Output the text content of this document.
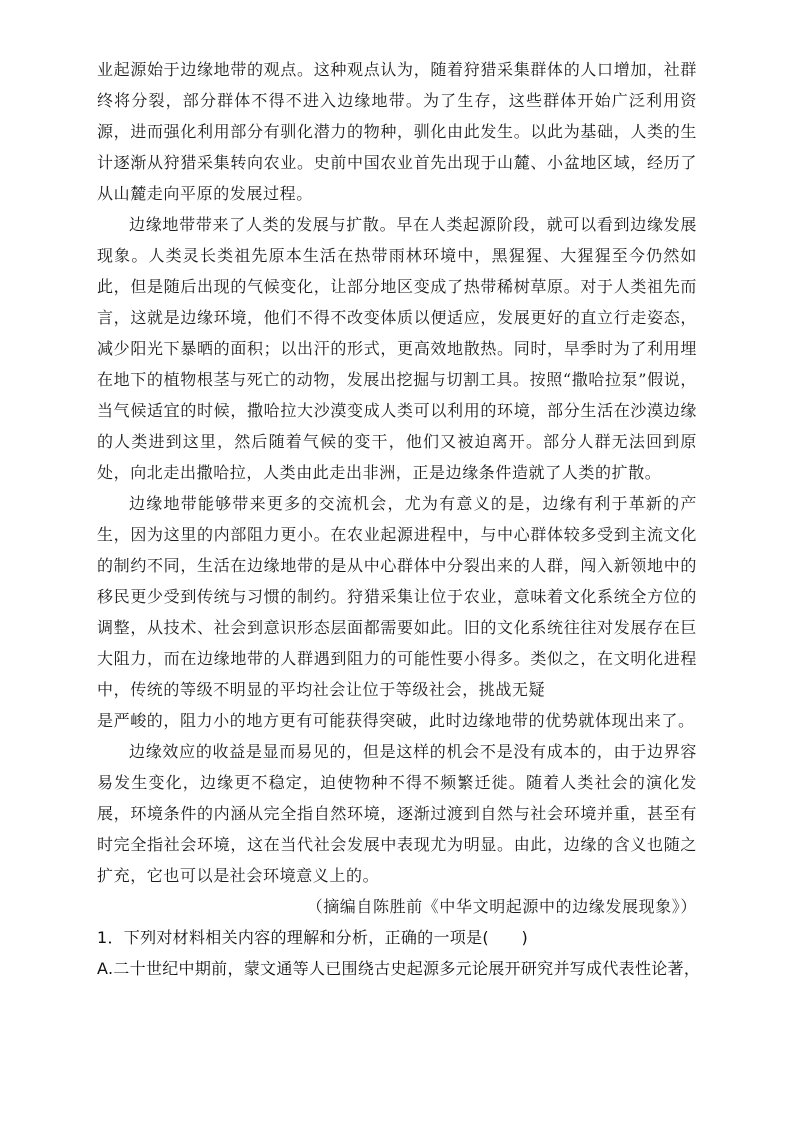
业起源始于边缘地带的观点。这种观点认为，随着狩猎采集群体的人口增加，社群终将分裂，部分群体不得不进入边缘地带。为了生存，这些群体开始广泛利用资源，进而强化利用部分有驯化潜力的物种，驯化由此发生。以此为基础，人类的生计逐渐从狩猎采集转向农业。史前中国农业首先出现于山麓、小盆地区域，经历了从山麓走向平原的发展过程。

边缘地带带来了人类的发展与扩散。早在人类起源阶段，就可以看到边缘发展现象。人类灵长类祖先原本生活在热带雨林环境中，黑猩猩、大猩猩至今仍然如此，但是随后出现的气候变化，让部分地区变成了热带稀树草原。对于人类祖先而言，这就是边缘环境，他们不得不改变体质以便适应，发展更好的直立行走姿态，减少阳光下暴晒的面积；以出汗的形式，更高效地散热。同时，旱季时为了利用埋在地下的植物根茎与死亡的动物，发展出挖掘与切割工具。按照“撒哈拉泵”假说，当气候适宜的时候，撒哈拉大沙漠变成人类可以利用的环境，部分生活在沙漠边缘的人类进到这里，然后随着气候的变干，他们又被迫离开。部分人群无法回到原处，向北走出撒哈拉，人类由此走出非洲，正是边缘条件造就了人类的扩散。

边缘地带能够带来更多的交流机会，尤为有意义的是，边缘有利于革新的产生，因为这里的内部阻力更小。在农业起源进程中，与中心群体较多受到主流文化的制约不同，生活在边缘地带的是从中心群体中分裂出来的人群，闯入新领地中的移民更少受到传统与习惯的制约。狩猎采集让位于农业，意味着文化系统全方位的调整，从技术、社会到意识形态层面都需要如此。旧的文化系统往往对发展存在巨大阻力，而在边缘地带的人群遇到阻力的可能性要小得多。类似之，在文明化进程中，传统的等级不明显的平均社会让位于等级社会，挑战无疑

是严峻的，阻力小的地方更有可能获得突破，此时边缘地带的优势就体现出来了。

边缘效应的收益是显而易见的，但是这样的机会不是没有成本的，由于边界容易发生变化，边缘更不稳定，迫使物种不得不频繁迁徙。随着人类社会的演化发展，环境条件的内涵从完全指自然环境，逐渐过渡到自然与社会环境并重，甚至有时完全指社会环境，这在当代社会发展中表现尤为明显。由此，边缘的含义也随之扩充，它也可以是社会环境意义上的。

（摘编自陈胜前《中华文明起源中的边缘发展现象》）

1．下列对材料相关内容的理解和分析，正确的一项是(　　)

A.二十世纪中期前，蒙文通等人已围绕古史起源多元论展开研究并写成代表性论著，
